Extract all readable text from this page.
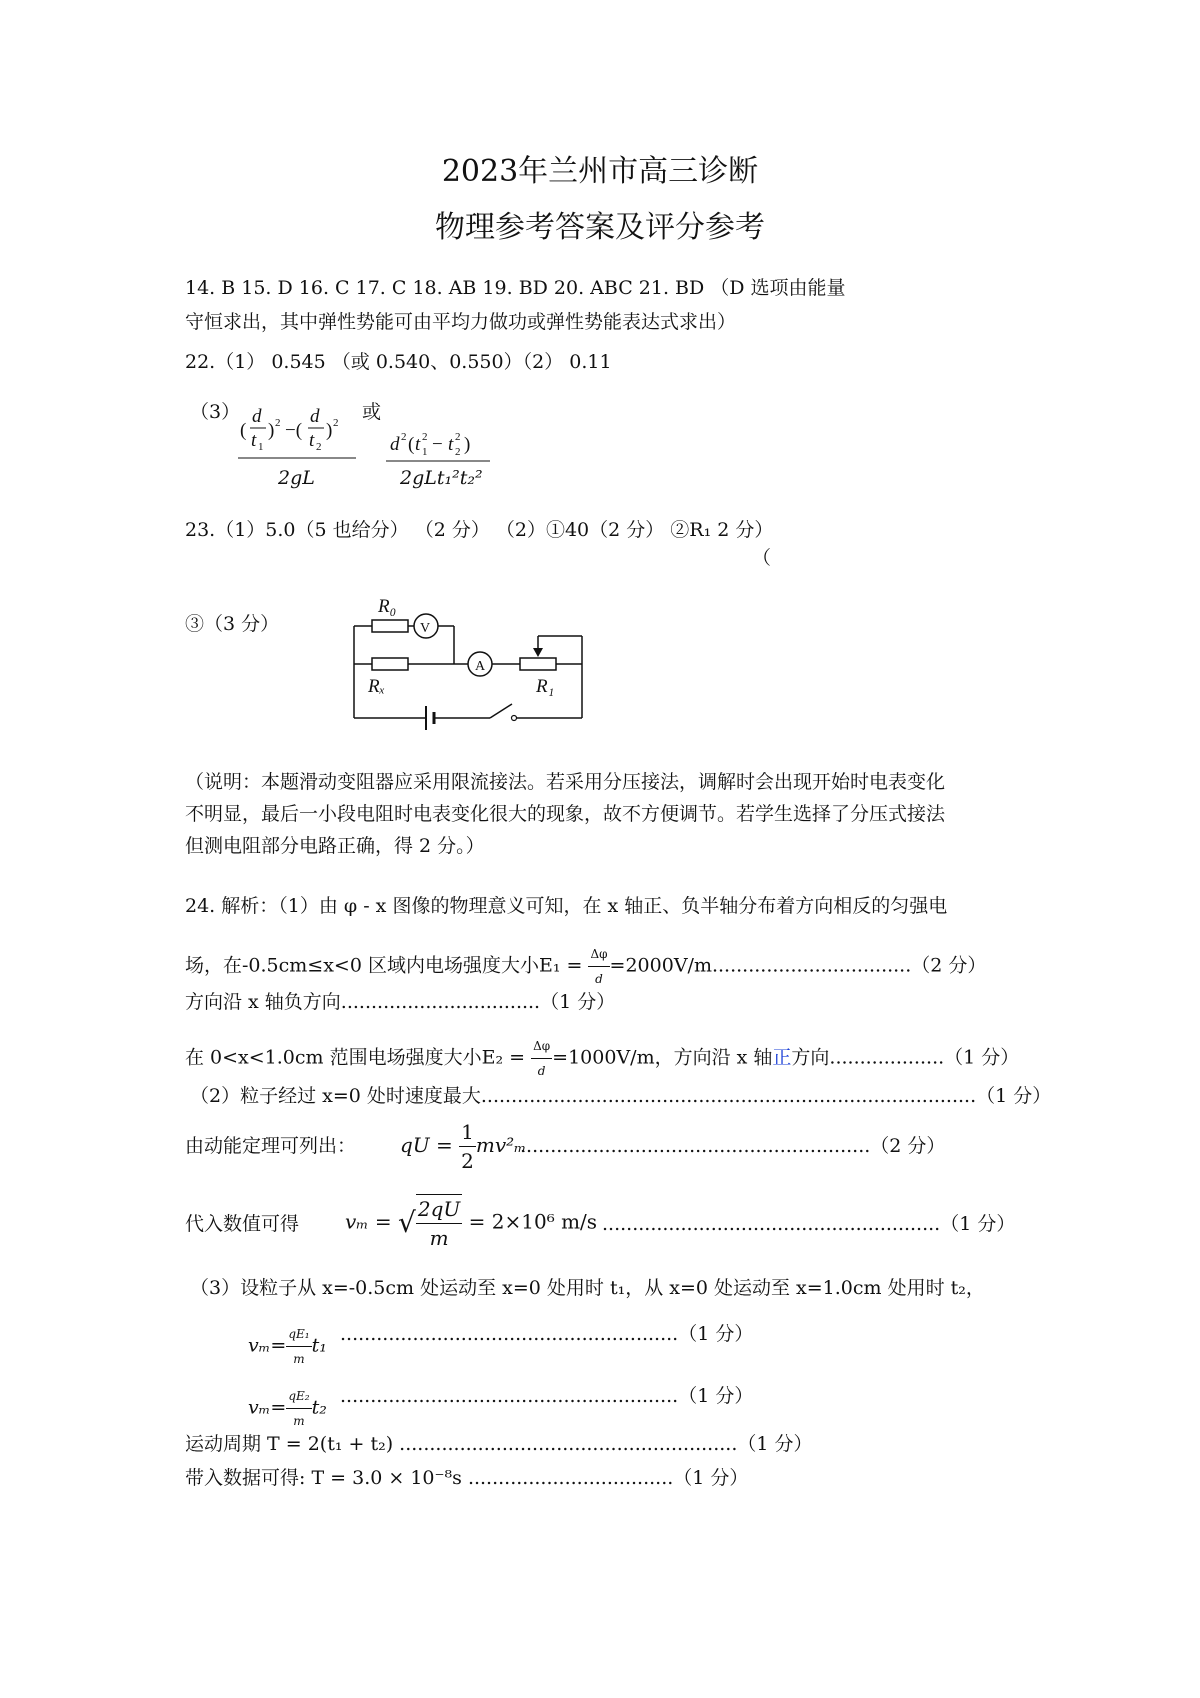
2023年兰州市高三诊断
物理参考答案及评分参考
14. B 15. D 16. C 17. C 18. AB 19. BD 20. ABC 21. BD （D 选项由能量
守恒求出，其中弹性势能可由平均力做功或弹性势能表达式求出）
22.（1） 0.545 （或 0.540、0.550）（2） 0.11
（3）	或
(
d
t 1
) 2 −(
d
t 2
) 2
2gL
d 2 ( t 2
1 − t 2
2 )
2gLt₁²t₂²
23.（1）5.0（5 也给分） （2 分） （2）①40（2 分） ②R₁ 2 分）
（
③（3 分）
R₀
V
A
Rₓ	R₁
（说明：本题滑动变阻器应采用限流接法。若采用分压接法，调解时会出现开始时电表变化
不明显，最后一小段电阻时电表变化很大的现象，故不方便调节。若学生选择了分压式接法
但测电阻部分电路正确，得 2 分。）
24. 解析：（1）由 φ - x 图像的物理意义可知，在 x 轴正、负半轴分布着方向相反的匀强电
场，在-0.5cm≤x<0 区域内电场强度大小$E_1 = \frac{\Delta\varphi}{d} =2000V/m.................................(2$ 分）
方向沿 x 轴负方向.................................（1 分）
在 0<x<1.0cm 范围电场强度大小$E_2 = \frac{\Delta\varphi}{d} =1000V/m$，方向沿 x 轴正方向...................（1 分）
（2）粒子经过 x=0 处时速度最大..................................................................................（1 分）
由动能定理可列出： qU = $\frac{1}{2} mv^2_m$
..........................................................（2 分）
代入数值可得 vₘ = √ $\frac{2qU}{m} = 2\times 10^6$ m/s ........................................................（1 分）
（3）设粒子从 x=-0.5cm 处运动至 x=0 处用时 t₁，从 x=0 处运动至 x=1.0cm 处用时 t₂，
$v_m= \frac{\text{qE₁}}{m} t_1$
........................................................（1 分）
$v_m= \frac{\text{qE₂}}{m} t_2$
........................................................（1 分）
运动周期 T = 2(t₁ + t₂) ........................................................（1 分）
带入数据可得: T = 3.0 × 10⁻⁸s ..................................（1 分）
